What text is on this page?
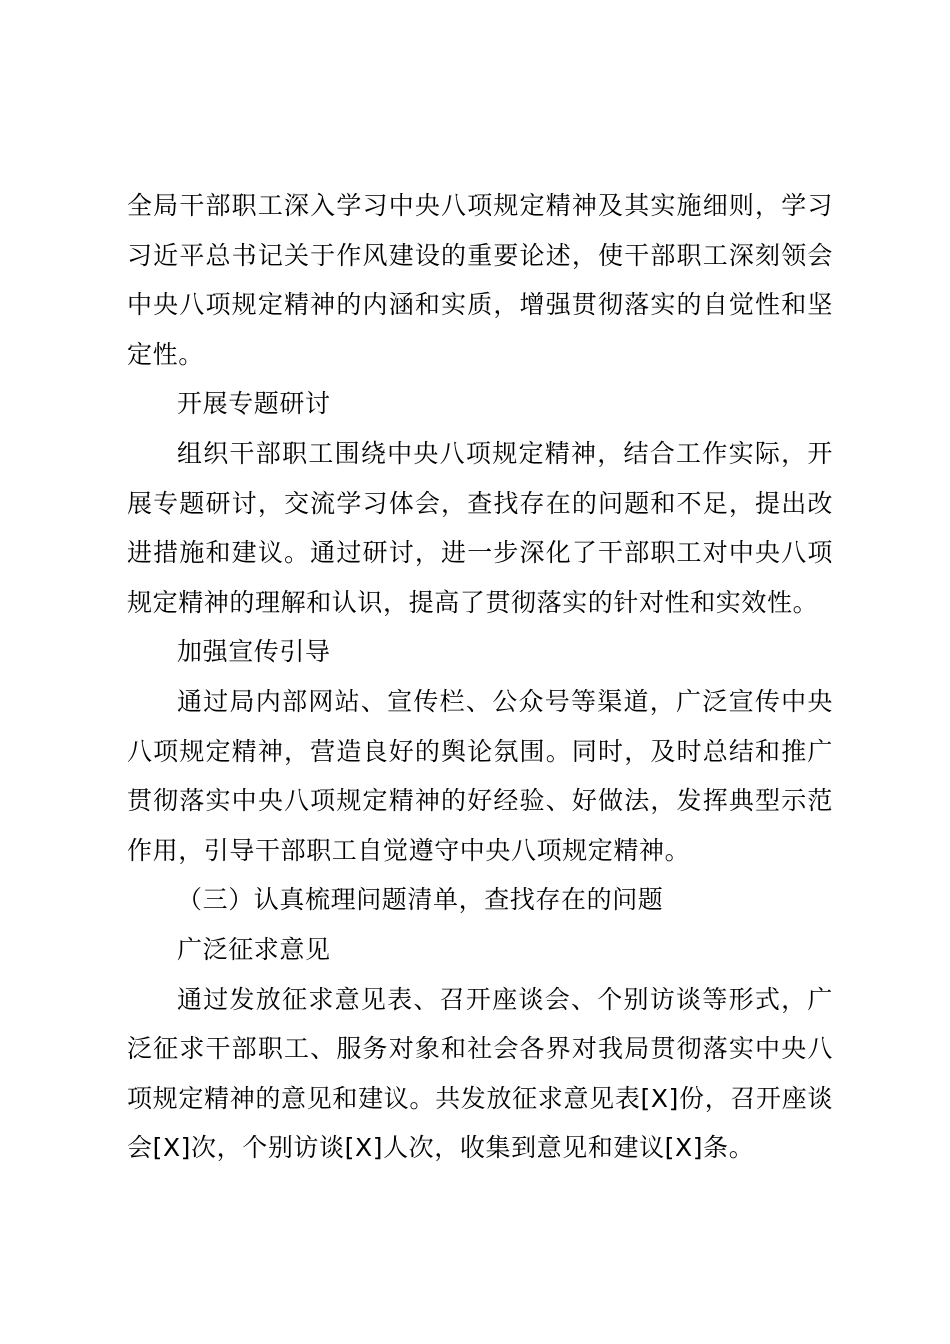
全局干部职工深入学习中央八项规定精神及其实施细则，学习习近平总书记关于作风建设的重要论述，使干部职工深刻领会中央八项规定精神的内涵和实质，增强贯彻落实的自觉性和坚定性。

开展专题研讨

组织干部职工围绕中央八项规定精神，结合工作实际，开展专题研讨，交流学习体会，查找存在的问题和不足，提出改进措施和建议。通过研讨，进一步深化了干部职工对中央八项规定精神的理解和认识，提高了贯彻落实的针对性和实效性。

加强宣传引导

通过局内部网站、宣传栏、公众号等渠道，广泛宣传中央八项规定精神，营造良好的舆论氛围。同时，及时总结和推广贯彻落实中央八项规定精神的好经验、好做法，发挥典型示范作用，引导干部职工自觉遵守中央八项规定精神。

（三）认真梳理问题清单，查找存在的问题

广泛征求意见

通过发放征求意见表、召开座谈会、个别访谈等形式，广泛征求干部职工、服务对象和社会各界对我局贯彻落实中央八项规定精神的意见和建议。共发放征求意见表[X]份，召开座谈会[X]次，个别访谈[X]人次，收集到意见和建议[X]条。
